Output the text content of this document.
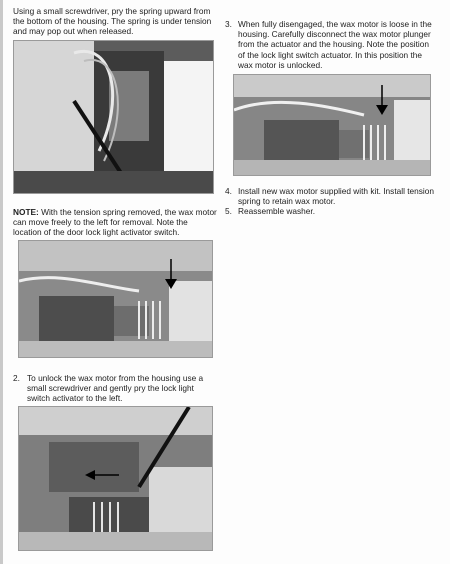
Using a small screwdriver, pry the spring upward from the bottom of the housing. The spring is under tension and may pop out when released.

NOTE: With the tension spring removed, the wax motor can move freely to the left for removal. Note the location of the door lock light activator switch.

2. To unlock the wax motor from the housing use a small screwdriver and gently pry the lock light switch activator to the left.

3. When fully disengaged, the wax motor is loose in the housing. Carefully disconnect the wax motor plunger from the actuator and the housing. Note the position of the lock light switch actuator. In this position the wax motor is unlocked.

4. Install new wax motor supplied with kit. Install tension spring to retain wax motor.

5. Reassemble washer.
